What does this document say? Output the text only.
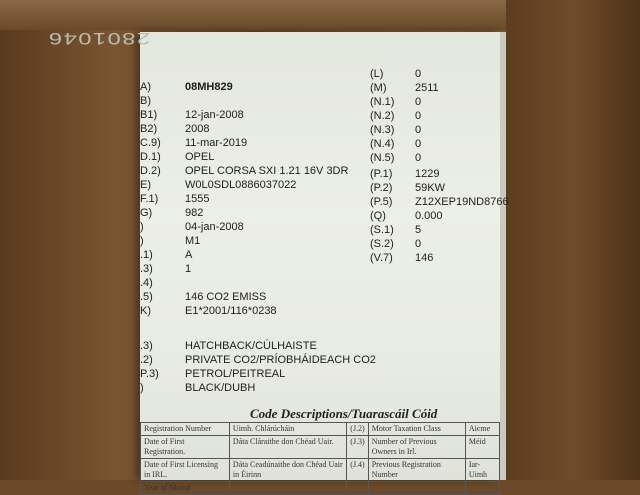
2801046
A)	08MH829
B)
B1)	12-jan-2008
B2)	2008
C.9) 11-mar-2019
D.1) OPEL
D.2) OPEL CORSA SXI 1.21 16V 3DR
E)	W0L0SDL0886037022
F.1) 1555
G)	982
)	04-jan-2008
)	M1
.1)	A
.3)	1
.4)
.5)	146 CO2 EMISS
K)	E1*2001/116*0238
.3)	HATCHBACK/CÚLHAISTE
.2)	PRIVATE CO2/PRÍOBHÁIDEACH CO2
P.3) PETROL/PEITREAL
)	BLACK/DUBH
(L)	0
(M)	2511
(N.1) 0
(N.2) 0
(N.3) 0
(N.4) 0
(N.5) 0
(P.1) 1229
(P.2) 59KW
(P.5) Z12XEP19ND8766
(Q)	0.000
(S.1) 5
(S.2) 0
(V.7) 146
Code Descriptions/Tuarascáil Cóid
Registration Number	Uimh. Chlárúcháin	(J.2)	Motor Taxation Class	Aicme
Date of First Registration.	Dáta Cláraithe don Chéad Uair.	(J.3)	Number of Previous Owners in Irl.	Méid
Date of First Licensing in IRL.	Dáta Ceadúnaithe don Chéad Uair in Éirinn	(J.4)	Previous Registration Number	Iar-Uimh
Year of Manuf				
